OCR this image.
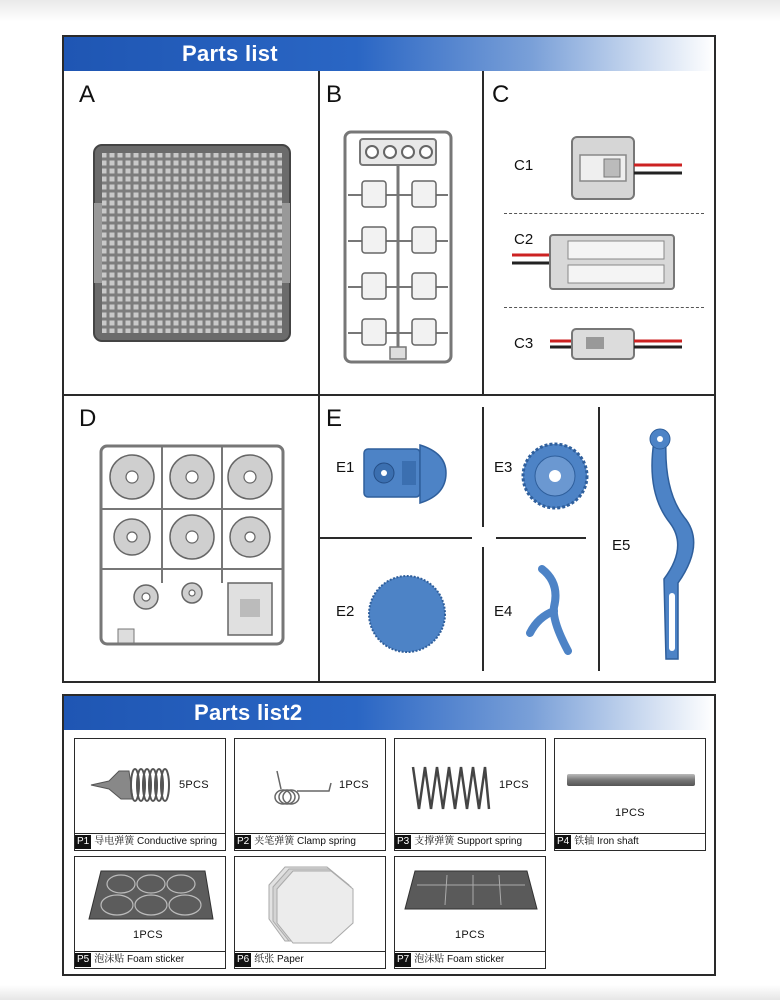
Parts list
A	B	C
D	E
C1
C2
C3
E1
E2
E3
E4
E5
Parts list2
5PCS
P1 导电弹簧 Conductive spring
1PCS
P2 夹笔弹簧 Clamp spring
1PCS
P3 支撑弹簧 Support spring
1PCS
P4 铁轴 Iron shaft
1PCS
P5 泡沫贴 Foam sticker	P6 纸张 Paper
1PCS
P7 泡沫贴 Foam sticker
